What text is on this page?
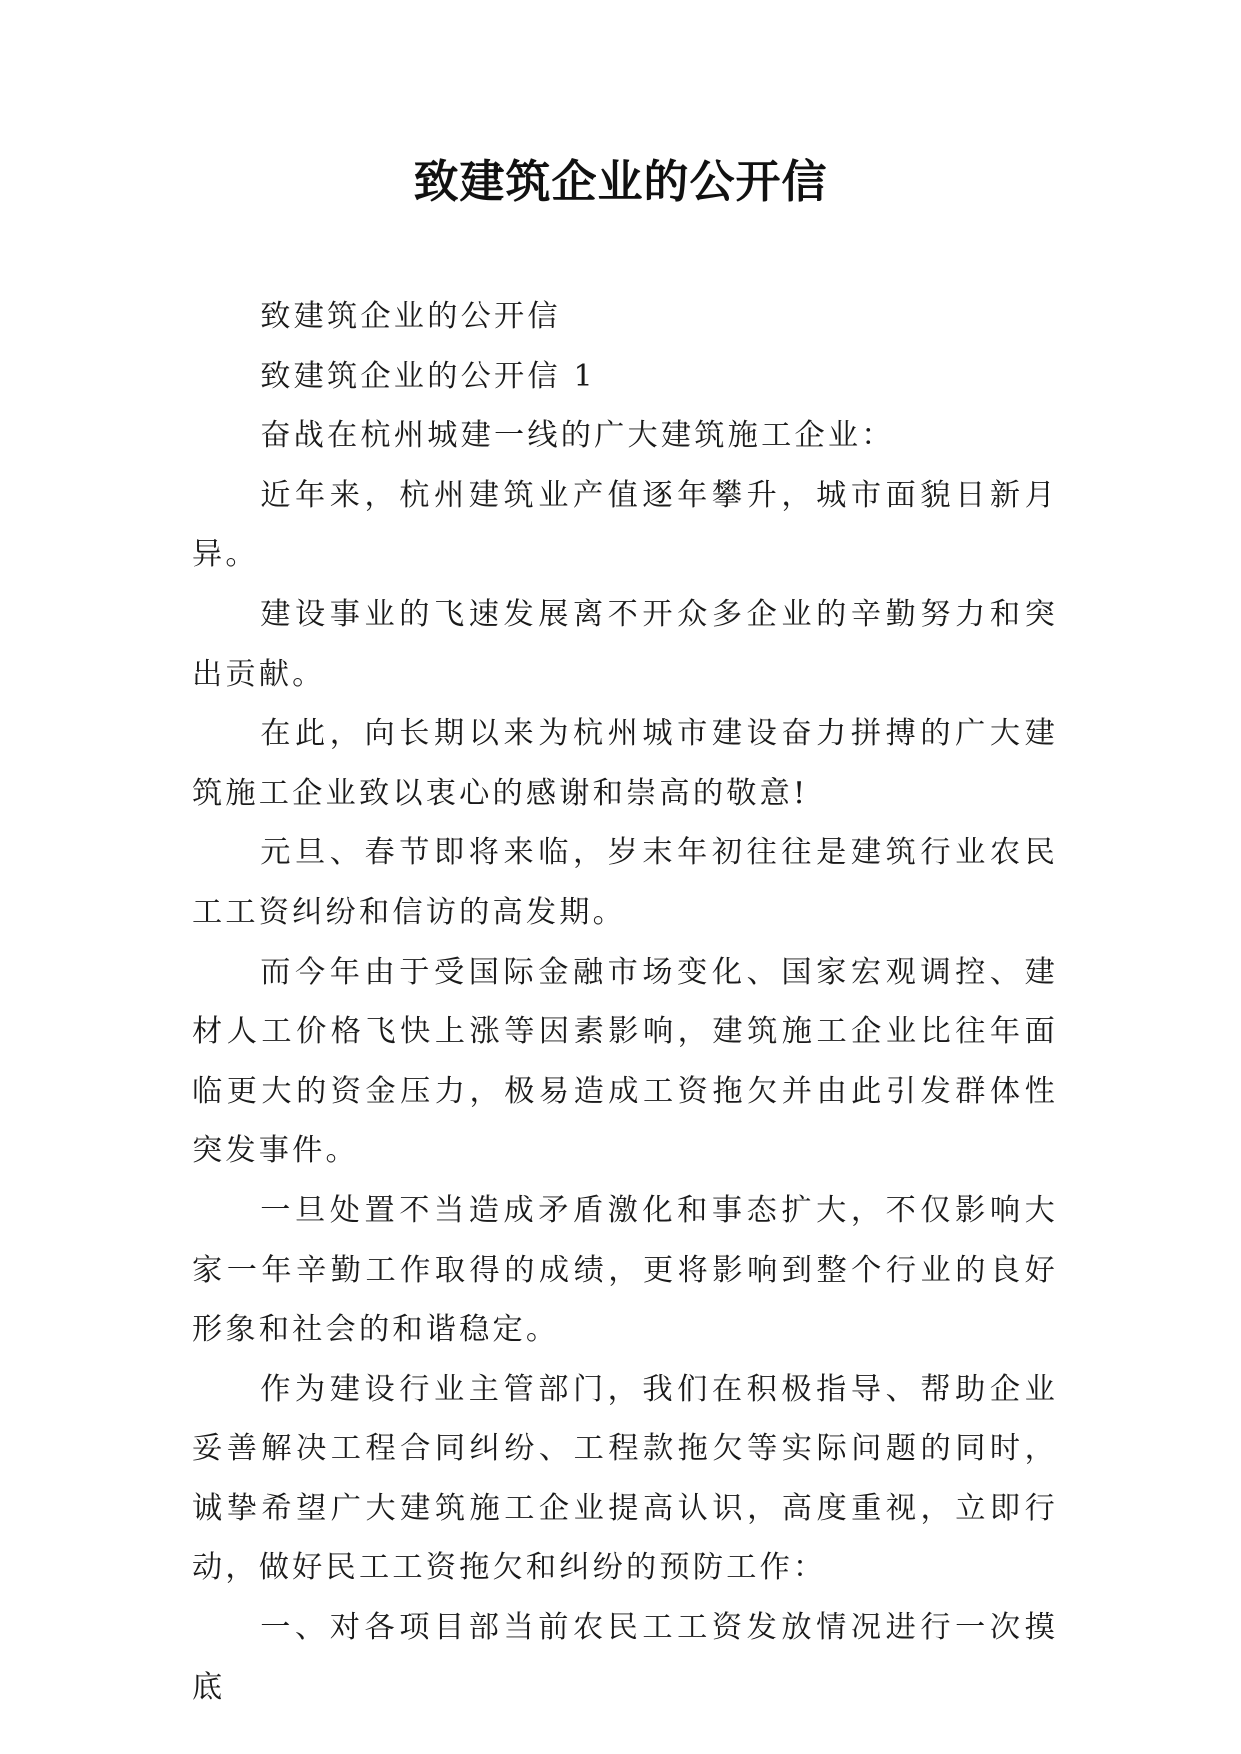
致建筑企业的公开信

致建筑企业的公开信

致建筑企业的公开信 1

奋战在杭州城建一线的广大建筑施工企业：

近年来，杭州建筑业产值逐年攀升，城市面貌日新月异。

建设事业的飞速发展离不开众多企业的辛勤努力和突出贡献。

在此，向长期以来为杭州城市建设奋力拼搏的广大建筑施工企业致以衷心的感谢和崇高的敬意!

元旦、春节即将来临，岁末年初往往是建筑行业农民工工资纠纷和信访的高发期。

而今年由于受国际金融市场变化、国家宏观调控、建材人工价格飞快上涨等因素影响，建筑施工企业比往年面临更大的资金压力，极易造成工资拖欠并由此引发群体性突发事件。

一旦处置不当造成矛盾激化和事态扩大，不仅影响大家一年辛勤工作取得的成绩，更将影响到整个行业的良好形象和社会的和谐稳定。

作为建设行业主管部门，我们在积极指导、帮助企业妥善解决工程合同纠纷、工程款拖欠等实际问题的同时，诚挚希望广大建筑施工企业提高认识，高度重视，立即行动，做好民工工资拖欠和纠纷的预防工作：

一、对各项目部当前农民工工资发放情况进行一次摸底
